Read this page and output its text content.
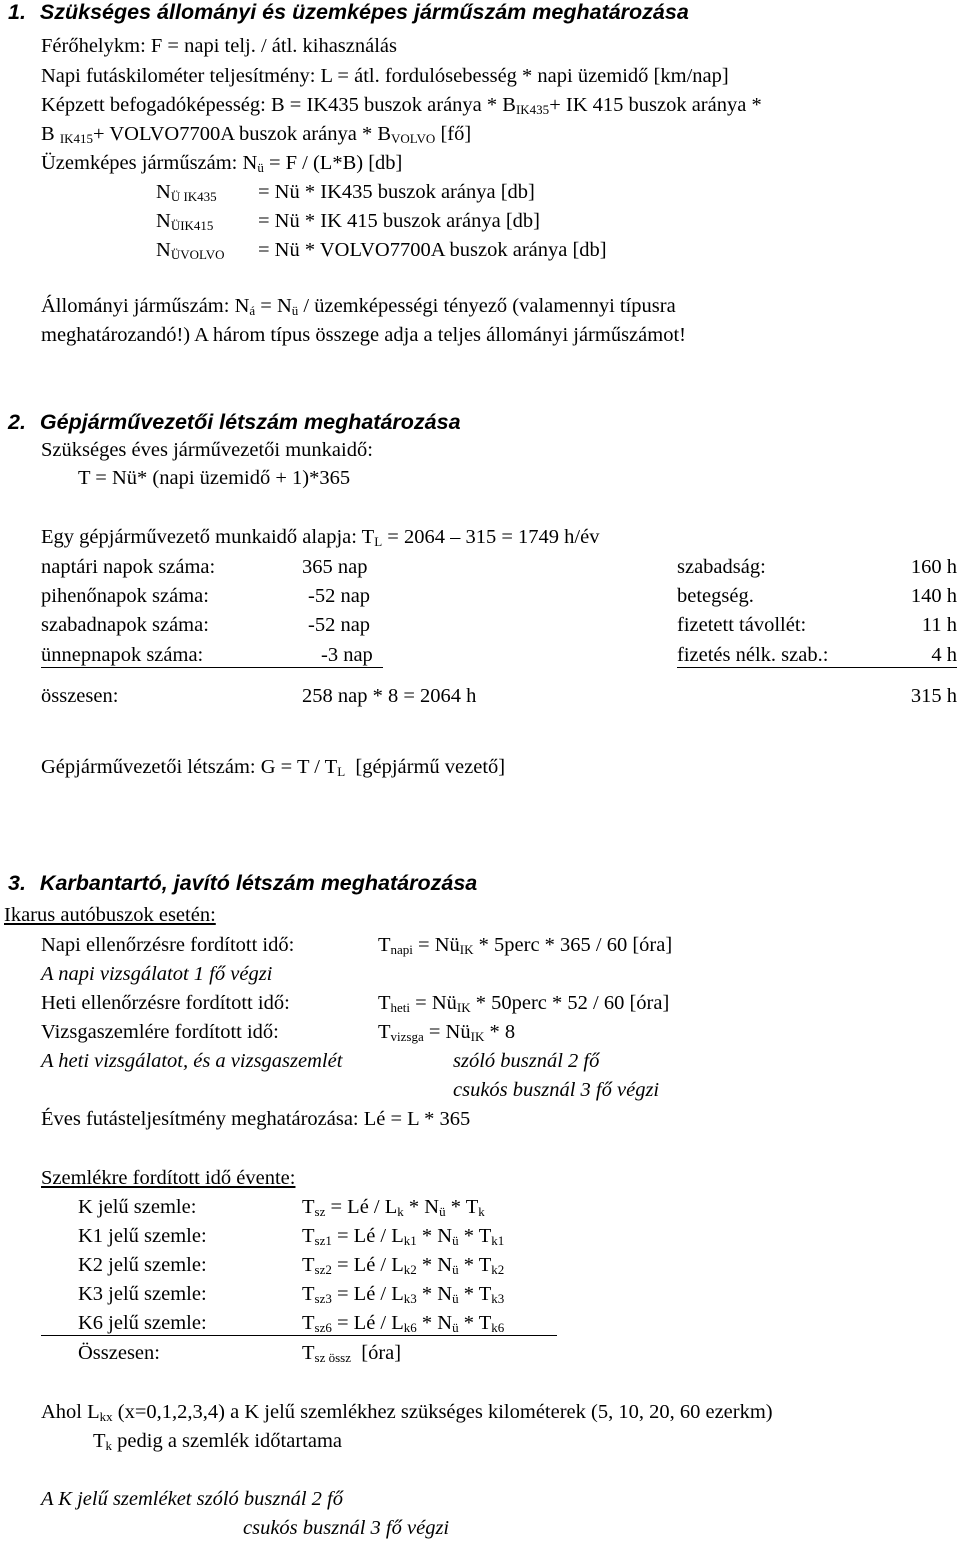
1. Szükséges állományi és üzemképes járműszám meghatározása
Férőhelykm: F = napi telj. / átl. kihasználás
Napi futáskilométer teljesítmény: L = átl. fordulósebesség * napi üzemidő [km/nap]
Képzett befogadóképesség: B = IK435 buszok aránya * $B_{IK435}+$ IK 415 buszok aránya *
B $_{IK415}$+ VOLVO7700A buszok aránya * $B_{VOLVO}$ [fő]
Üzemképes járműszám: $N_ü = F / (L*B)$ [db]
$N_{Ü IK435}$ = Nü * IK435 buszok aránya [db]
$N_{ÜIK415}$ = Nü * IK 415 buszok aránya [db]
$N_{ÜVOLVO}$ = Nü * VOLVO7700A buszok aránya [db]
Állományi járműszám: $N_á = N_ü$ / üzemképességi tényező (valamennyi típusra
meghatározandó!) A három típus összege adja a teljes állományi járműszámot!
2. Gépjárművezetői létszám meghatározása
Szükséges éves járművezetői munkaidő:
T = Nü* (napi üzemidő + 1)*365
Egy gépjárművezető munkaidő alapja: $T_L = 2064 - 315 = 1749$ h/év
naptári napok száma:	365 nap	szabadság:	160 h
pihenőnapok száma:	-52 nap	betegség.	140 h
szabadnapok száma:	-52 nap	fizetett távollét:	11 h
ünnepnapok száma:	-3 nap	fizetés nélk. szab.:	4 h
összesen:	258 nap * 8 = 2064 h	315 h
Gépjárművezetői létszám: $G = T / T_L$ [gépjármű vezető]
3. Karbantartó, javító létszám meghatározása
Ikarus autóbuszok esetén:
Napi ellenőrzésre fordított idő:	$T_{napi}$ = $Nü_{IK}$ * 5perc * 365 / 60 [óra]
A napi vizsgálatot 1 fő végzi
Heti ellenőrzésre fordított idő:	$T_{heti}$ = $Nü_{IK}$ * 50perc * 52 / 60 [óra]
Vizsgaszemlére fordított idő:	$T_{vizsga}$ = $Nü_{IK} * 8$
A heti vizsgálatot, és a vizsgaszemlét	szóló busznál 2 fő
csukós busznál 3 fő végzi
Éves futásteljesítmény meghatározása: Lé = L * 365
Szemlékre fordított idő évente:
K jelű szemle:	$T_{sz}$ = Lé / $L_k * N_ü * T_k$
K1 jelű szemle:	$T_{sz1}$ = Lé / $L_{k1} * N_ü * T_{k1}$
K2 jelű szemle:	$T_{sz2}$ = Lé / $L_{k2} * N_ü * T_{k2}$
K3 jelű szemle:	$T_{sz3}$ = Lé / $L_{k3} * N_ü * T_{k3}$
K6 jelű szemle:	$T_{sz6}$ = Lé / $L_{k6} * N_ü * T_{k6}$
Összesen:	$T_{sz össz}$ [óra]
Ahol $L_{kx}$ (x=0,1,2,3,4) a K jelű szemlékhez szükséges kilométerek (5, 10, 20, 60 ezerkm)
$T_k$ pedig a szemlék időtartama
A K jelű szemléket szóló busznál 2 fő
csukós busznál 3 fő végzi
